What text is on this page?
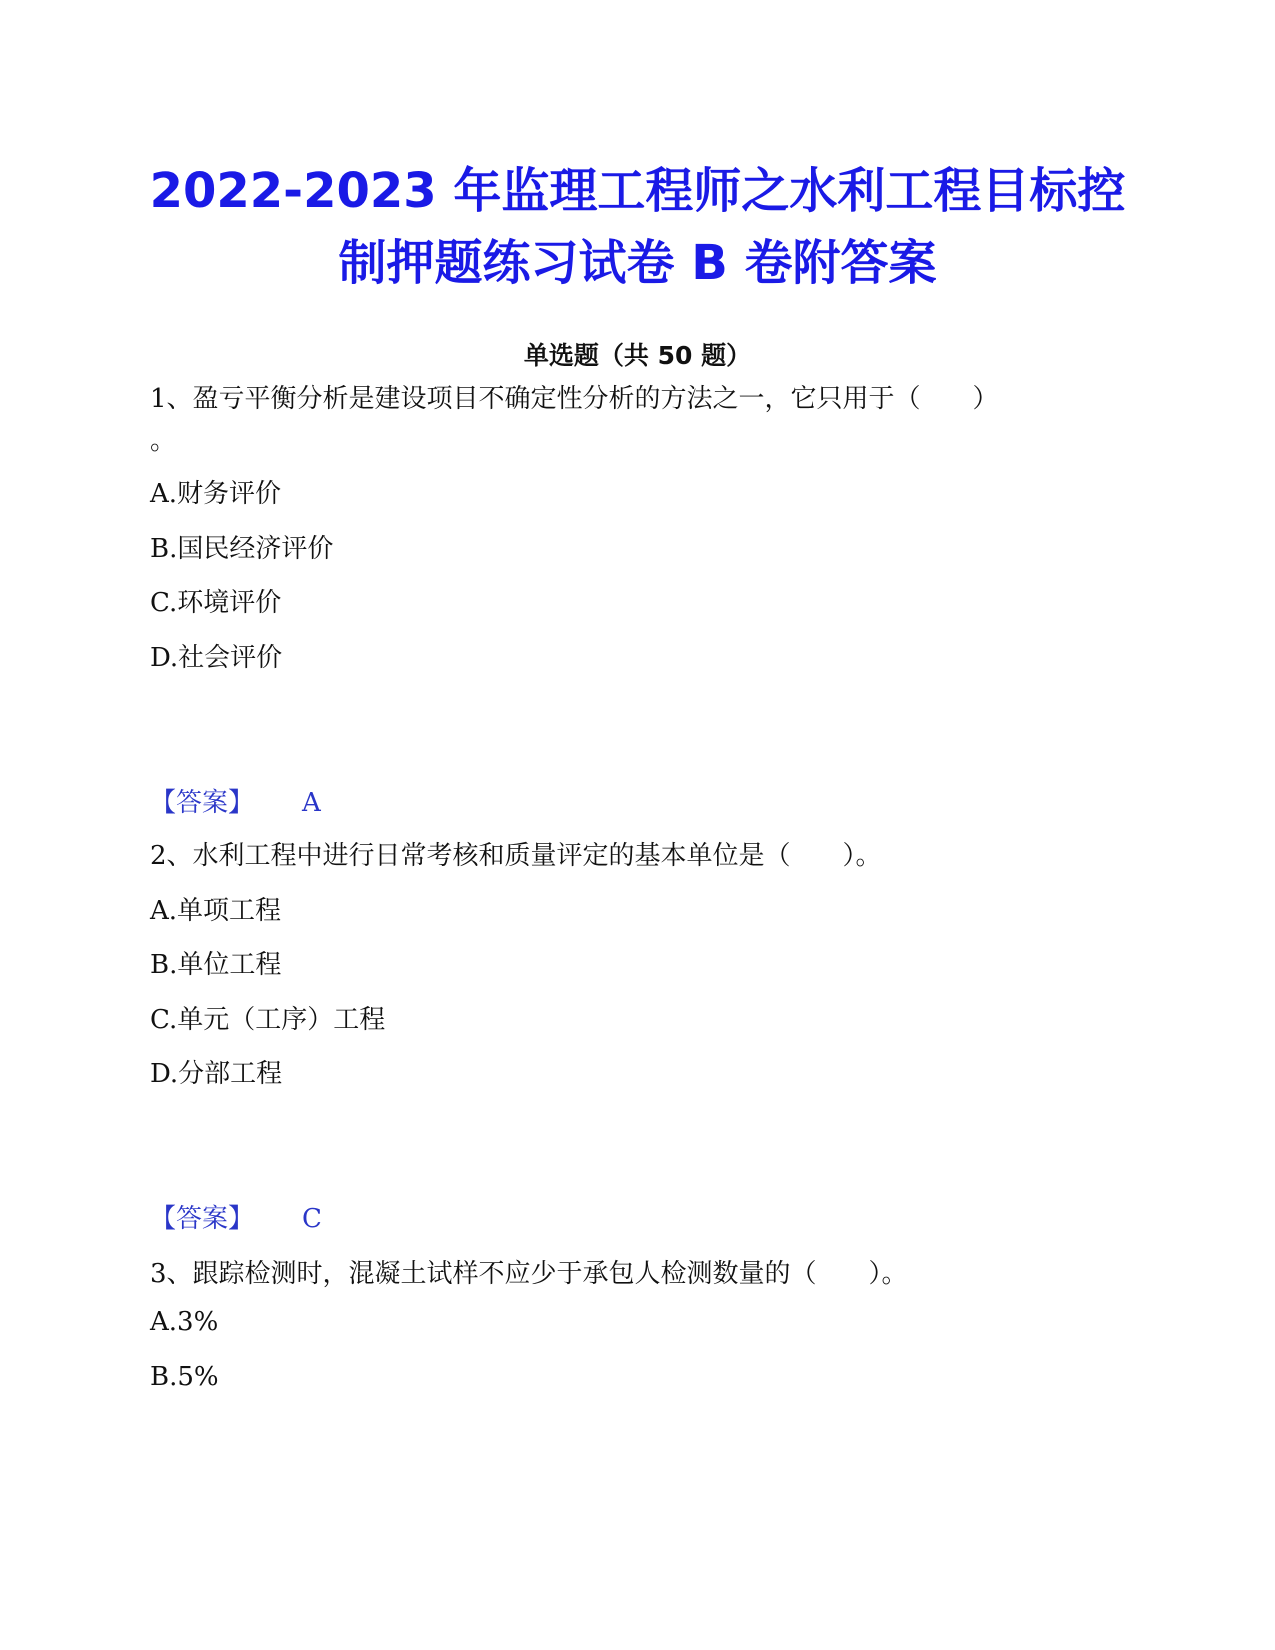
2022-2023 年监理工程师之水利工程目标控
制押题练习试卷 B 卷附答案
单选题（共 50 题）
1、盈亏平衡分析是建设项目不确定性分析的方法之一，它只用于（　　）
。
A.财务评价
B.国民经济评价
C.环境评价
D.社会评价
【答案】 A
2、水利工程中进行日常考核和质量评定的基本单位是（　　）。
A.单项工程
B.单位工程
C.单元（工序）工程
D.分部工程
【答案】 C
3、跟踪检测时，混凝土试样不应少于承包人检测数量的（　　）。
A.3%
B.5%
